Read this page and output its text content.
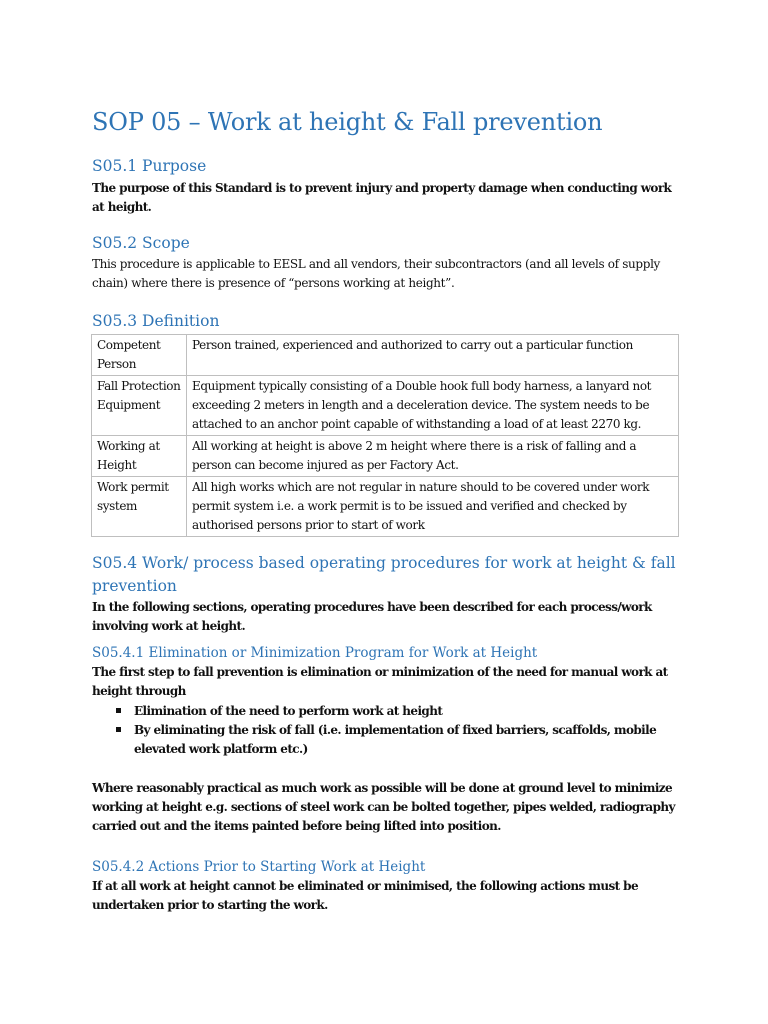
SOP 05 – Work at height & Fall prevention
S05.1 Purpose

The purpose of this Standard is to prevent injury and property damage when conducting work at height.

S05.2 Scope

This procedure is applicable to EESL and all vendors, their subcontractors (and all levels of supply chain) where there is presence of “persons working at height”.

S05.3 Definition
Competent Person	Person trained, experienced and authorized to carry out a particular function
Fall Protection Equipment	Equipment typically consisting of a Double hook full body harness, a lanyard not exceeding 2 meters in length and a deceleration device. The system needs to be attached to an anchor point capable of withstanding a load of at least 2270 kg.
Working at Height	All working at height is above 2 m height where there is a risk of falling and a person can become injured as per Factory Act.
Work permit system	All high works which are not regular in nature should to be covered under work permit system i.e. a work permit is to be issued and verified and checked by authorised persons prior to start of work
S05.4 Work/ process based operating procedures for work at height & fall prevention

In the following sections, operating procedures have been described for each process/work involving work at height.

S05.4.1 Elimination or Minimization Program for Work at Height

The first step to fall prevention is elimination or minimization of the need for manual work at height through

Elimination of the need to perform work at height
By eliminating the risk of fall (i.e. implementation of fixed barriers, scaffolds, mobile elevated work platform etc.)

Where reasonably practical as much work as possible will be done at ground level to minimize working at height e.g. sections of steel work can be bolted together, pipes welded, radiography carried out and the items painted before being lifted into position.

S05.4.2 Actions Prior to Starting Work at Height

If at all work at height cannot be eliminated or minimised, the following actions must be undertaken prior to starting the work.
